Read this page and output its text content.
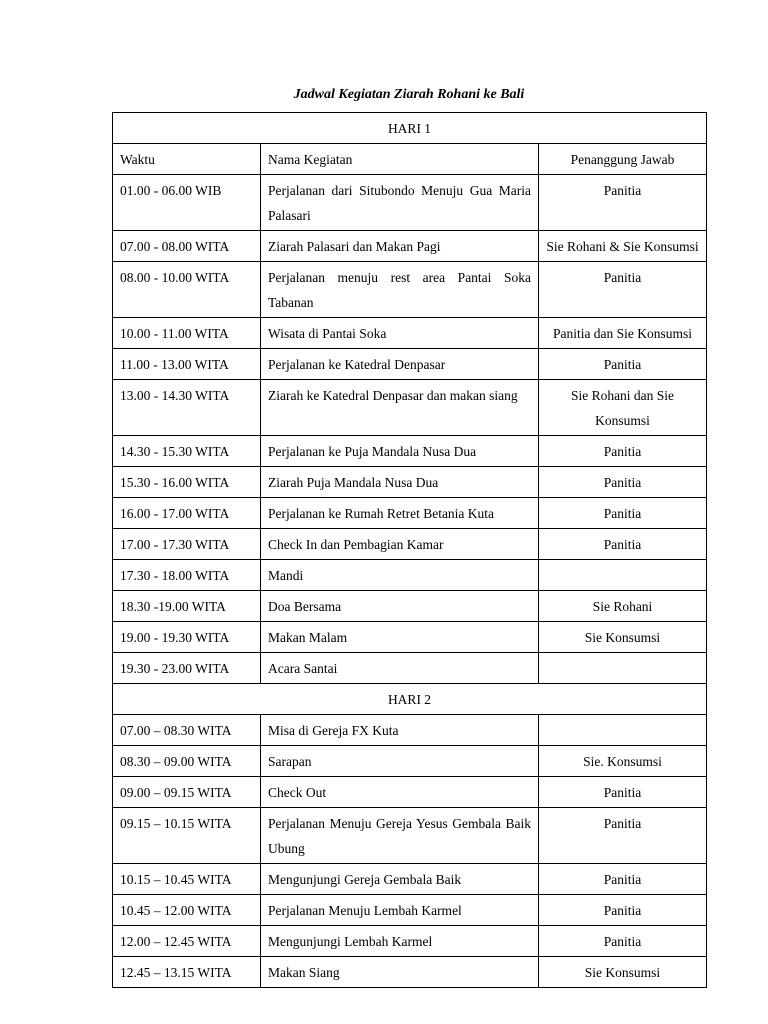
Jadwal Kegiatan Ziarah Rohani ke Bali
HARI 1		
Waktu	Nama Kegiatan	Penanggung Jawab
01.00 - 06.00 WIB	Perjalanan dari Situbondo Menuju Gua Maria Palasari	Panitia
07.00 - 08.00 WITA	Ziarah Palasari dan Makan Pagi	Sie Rohani & Sie Konsumsi
08.00 - 10.00 WITA	Perjalanan menuju rest area Pantai Soka Tabanan	Panitia
10.00 - 11.00 WITA	Wisata di Pantai Soka	Panitia dan Sie Konsumsi
11.00 - 13.00 WITA	Perjalanan ke Katedral Denpasar	Panitia
13.00 - 14.30 WITA	Ziarah ke Katedral Denpasar dan makan siang	Sie Rohani dan Sie Konsumsi
14.30 - 15.30 WITA	Perjalanan ke Puja Mandala Nusa Dua	Panitia
15.30 - 16.00 WITA	Ziarah Puja Mandala Nusa Dua	Panitia
16.00 - 17.00 WITA	Perjalanan ke Rumah Retret Betania Kuta	Panitia
17.00 - 17.30 WITA	Check In dan Pembagian Kamar	Panitia
17.30 - 18.00 WITA	Mandi	
18.30 -19.00 WITA	Doa Bersama	Sie Rohani
19.00 - 19.30 WITA	Makan Malam	Sie Konsumsi
19.30 - 23.00 WITA	Acara Santai	
HARI 2		
07.00 – 08.30 WITA	Misa di Gereja FX Kuta	
08.30 – 09.00 WITA	Sarapan	Sie. Konsumsi
09.00 – 09.15 WITA	Check Out	Panitia
09.15 – 10.15 WITA	Perjalanan Menuju Gereja Yesus Gembala Baik Ubung	Panitia
10.15 – 10.45 WITA	Mengunjungi Gereja Gembala Baik	Panitia
10.45 – 12.00 WITA	Perjalanan Menuju Lembah Karmel	Panitia
12.00 – 12.45 WITA	Mengunjungi Lembah Karmel	Panitia
12.45 – 13.15 WITA	Makan Siang	Sie Konsumsi
